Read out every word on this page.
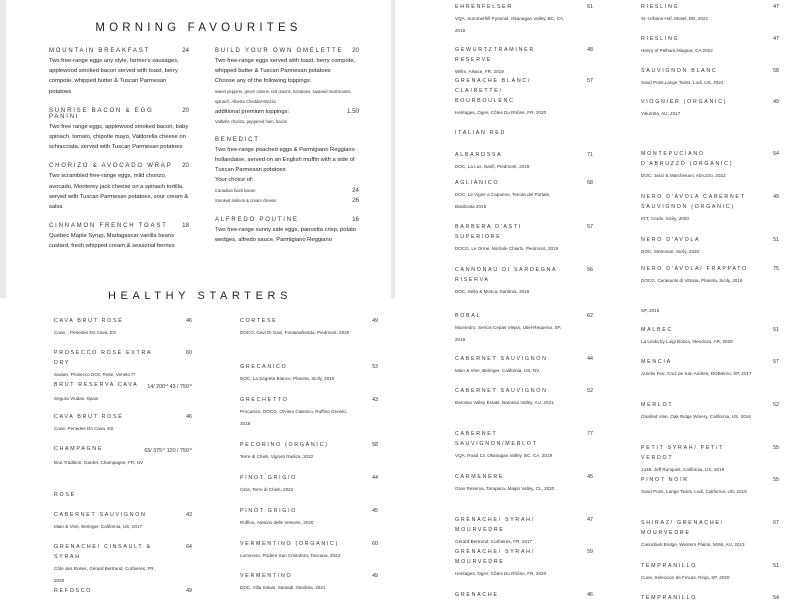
MORNING FAVOURITES
MOUNTAIN BREAKFAST	24
Two free-range eggs any style, farmer's sausages, applewood smoked bacon served with toast, berry compote, whipped butter & Tuscan Parmesan potatoes
SUNRISE BACON & EGG PANINI
20
Two free range eggs, applewood smoked bacon, baby spinach, tomato, chipotle mayo, Valdorella cheese on schiacciata, served with Tuscan Parmesan potatoes
CHORIZO & AVOCADO WRAP 20
Two scrambled free-range eggs, mild chorizo, avocado, Monterey jack cheese on a spinach tortilla, served with Tuscan Parmesan potatoes, sour cream & salsa
CINNAMON FRENCH TOAST 18
Quebec Maple Syrup, Madagascar vanilla beans custard, fresh whipped cream & seasonal berries
BUILD YOUR OWN OMELETTE 20
Two free-range eggs served with toast, berry compote, whipped butter & Tuscan Parmesan potatoes
Choose any of the following toppings:
sweet peppers, green onions, red onions, tomatoes, sauteed mushrooms, spinach, Alberta Cheddar-Mozza
additional premium toppings:	1.50
Valbella chorizo, peppered ham, bacon
BENEDICT
Two free-range poached eggs & Parmigiano Reggiano hollandaise, served on an English muffin with a side of Tuscan Parmesan potatoes
Your choice of:
Canadian back bacon	24
Smoked salmon & cream cheese	26
ALFREDO POUTINE	16
Two free-range sunny side eggs, pancetta crisp, potato wedges, alfredo sauce, Parmigiano Reggiano
HEALTHY STARTERS
CAVA BRUT ROSÉ	46
Cune, , Penedes Do Cava, ES
PROSECCO ROSÉ EXTRA DRY
60
Savian, Prosecco DOC Rose, Veneto IT
BRUT RESERVA CAVA 14/ $200^{ml}$ $43 / 750^{ml}$
Segura Viudas, Spain
CAVA BRUT ROSÉ	46
Cune, Penedes Do Cava, ES
CHAMPAGNE	65/ $375^{ml}$ $120 / 750^{ml}$
Brut Tradition, Gardet, Champagne, FR, NV
ROSÉ
CABERNET SAUVIGNON	43
Main & Vine, Beringer, California, US, 2017
GRENACHE/ CINSAULT & SYRAH
64
Côte des Roses, Gérard Bertrand, Corbieres, FR, 2020
REFOSCO	49
CORTESE	49
DOCG, Gavi Di Gavi, Fontanafredda, Piedmont, 2020
GRECANICO	53
DOC, La Segreta Bianco, Planeta, Sicily, 2018
GRECHETTO	43
Procanico, DOCG, Orvieto Classico, Ruffino Orvieto, 2018
PECORINO (ORGANIC)	58
Terre di Chieti, Vigneti Radica, 2022
PINOT GRIGIO	44
Citra, Terre di Chieti, 2022
PINOT GRIGIO	45
Ruffino, Atesino delle Venezie, 2020
VERMENTINO (ORGANIC)	60
Luminoso, Podere San Cristoforo, Toscana, 2022
VERMENTINO	49
DOC, Villa Solais, Santadi, Sardinia, 2021
EHRENFELSER	61
VQA, Summerhill Pyramid, Okanagan Valley, BC, CA, 2019
GEWURTZTRAMINER RESERVE
48
Willm, Alsace, FR, 2019
GRENACHE BLANC/ CLAIRETTE/ BOURBOULENC
57
Heritages, Ogier, Côtes Du Rhône, FR, 2020
ITALIAN RED
ALBAROSSA	71
DOC, La Lus, Banfi, Piedmont, 2019
AGLIANICO	68
DOC, Le Vigne a Capanno, Tenuta del Portale, Basilicata 2015
BARBERA D'ASTI SUPERIORE
57
DOCG, Le Orme, Michele Chiarlo, Piedmont, 2019
CANNONAU DI SARDEGNA RISERVA
56
DOC, Sella & Mosca, Sardinia, 2016
BOBAL	62
Murviedro, Sericis Cepas Viejas, Utiel-Requena, SP, 2018
CABERNET SAUVIGNON	44
Main & Vine, Beringer, California, US, NV
CABERNET SAUVIGNON	52
Barossa Valley Estate, Barossa Valley, AU, 2021
CABERNET SAUVIGNON/MERLOT
77
VQA, Road 13, Okanagan Valley, BC, CA, 2019
CARMENÈRE	45
Gran Reserva, Tarapaca, Maipo Valley, CL, 2020
GRENACHE/ SYRAH/ MOURVÈDRE
47
Gérard Bertrand, Corbieres, FR, 2017
GRENACHE/ SYRAH/ MOURVÈDRE
59
Heritages, Ogier, Côtes Du Rhône, FR, 2020
GRENACHE	46
RIESLING	47
St.-Urbans-Hof, Mosel, DE, 2021
RIESLING	47
Henry of Pelham,Niagara, CA 2022
SAUVIGNON BLANC	58
Sand Point,Lange Twins, Lodi, US, 2022
VIOGNIER (ORGANIC)	49
Yalumba, AU, 2017
MONTEPUCIANO D'ABRUZZO (ORGANIC)
54
DOC, Jasci & Marchesani, Abruzzo, 2022
NERO D'AVOLA CABERNET SAUVIGNON (ORGANIC)
49
IGT, Crudo, Sicily, 2020
NERO D'AVOLA	51
DOC, Stemmari, Sicily, 2020
NERO D'AVOLA/ FRAPPATO	75
DOCG, Cerasuolo di Vittoria, Planeta, Sicily, 2019
SP, 2016
MALBEC	51
La Linda by Luigi Bosca, Mendoza, AR, 2020
MENCIA	57
Aurelio Feo, Cruz de San Andres, DOBierzo, SP, 2017
MERLOT	52
Gnarled Vine, Oak Ridge Winery, California, US, 2016
PETIT SYRAH/ PETIT VERDOT
55
1448, Jeff Runquist, California, US, 2019
PINOT NOIR	55
Sand Point, Lange Twins, Lodi, California, US, 2019
SHIRAZ/ GRENACHE/ MOURVEDRE
67
Canonbah Bridge, Western Plains, NSW, AU, 2013
TEMPRANILLO	51
Cune, Seleccion de Fincas, Rioja, SP, 2020
TEMPRANILLO	54
